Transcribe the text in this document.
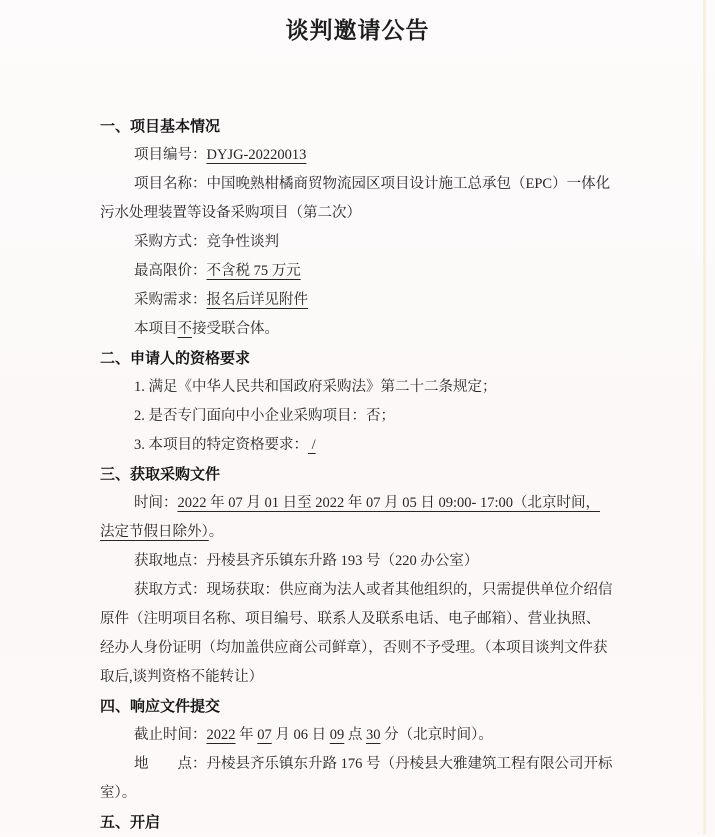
谈判邀请公告
一、项目基本情况
项目编号：DYJG-20220013
项目名称：中国晚熟柑橘商贸物流园区项目设计施工总承包（EPC）一体化
污水处理装置等设备采购项目（第二次）
采购方式：竞争性谈判
最高限价：不含税 75 万元
采购需求：报名后详见附件
本项目不接受联合体。
二、申请人的资格要求
1. 满足《中华人民共和国政府采购法》第二十二条规定；
2. 是否专门面向中小企业采购项目：否；
3. 本项目的特定资格要求： /
三、获取采购文件
时间：2022 年 07 月 01 日至 2022 年 07 月 05 日 09:00- 17:00（北京时间，
法定节假日除外）。
获取地点：丹棱县齐乐镇东升路 193 号（220 办公室）
获取方式：现场获取：供应商为法人或者其他组织的，只需提供单位介绍信
原件（注明项目名称、项目编号、联系人及联系电话、电子邮箱）、营业执照、
经办人身份证明（均加盖供应商公司鲜章），否则不予受理。（本项目谈判文件获
取后,谈判资格不能转让）
四、响应文件提交
截止时间：2022 年 07 月 06 日 09 点 30 分（北京时间）。
地　　点：丹棱县齐乐镇东升路 176 号（丹棱县大雅建筑工程有限公司开标
室）。
五、开启
